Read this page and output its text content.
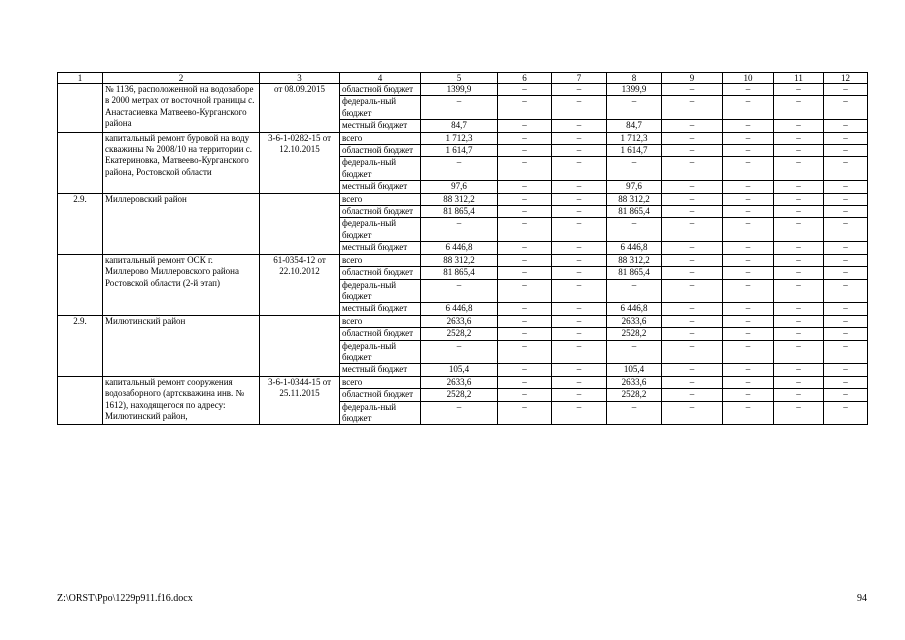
1	2	3	4	5	6	7	8	9	10	11	12
	№ 1136, расположенной на водозаборе в 2000 метрах от восточной границы с. Анастасиевка Матвеево-Курганского района	от 08.09.2015	областной бюджет	1399,9	–	–	1399,9	–	–	–	–
			федераль-ный бюджет	–	–	–	–	–	–	–	–
			местный бюджет	84,7	–	–	84,7	–	–	–	–
	капитальный ремонт буровой на воду скважины № 2008/10 на территории с. Екатериновка, Матвеево-Курганского района, Ростовской области	3-6-1-0282-15 от 12.10.2015	всего	1 712,3	–	–	1 712,3	–	–	–	–
			областной бюджет	1 614,7	–	–	1 614,7	–	–	–	–
			федераль-ный бюджет	–	–	–	–	–	–	–	–
			местный бюджет	97,6	–	–	97,6	–	–	–	–
2.9.	Миллеровский район		всего	88 312,2	–	–	88 312,2	–	–	–	–
			областной бюджет	81 865,4	–	–	81 865,4	–	–	–	–
			федераль-ный бюджет	–	–	–	–	–	–	–	–
			местный бюджет	6 446,8	–	–	6 446,8	–	–	–	–
	капитальный ремонт ОСК г. Миллерово Миллеровского района Ростовской области (2-й этап)	61-0354-12 от 22.10.2012	всего	88 312,2	–	–	88 312,2	–	–	–	–
			областной бюджет	81 865,4	–	–	81 865,4	–	–	–	–
			федераль-ный бюджет	–	–	–	–	–	–	–	–
			местный бюджет	6 446,8	–	–	6 446,8	–	–	–	–
2.9.	Милютинский район		всего	2633,6	–	–	2633,6	–	–	–	–
			областной бюджет	2528,2	–	–	2528,2	–	–	–	–
			федераль-ный бюджет	–	–	–	–	–	–	–	–
			местный бюджет	105,4	–	–	105,4	–	–	–	–
	капитальный ремонт сооружения водозаборного (артскважина инв. № 1612), находящегося по адресу: Милютинский район,	3-6-1-0344-15 от 25.11.2015	всего	2633,6	–	–	2633,6	–	–	–	–
			областной бюджет	2528,2	–	–	2528,2	–	–	–	–
			федераль-ный бюджет	–	–	–	–	–	–	–	–
Z:\ORST\Ppo\1229p911.f16.docx	94
